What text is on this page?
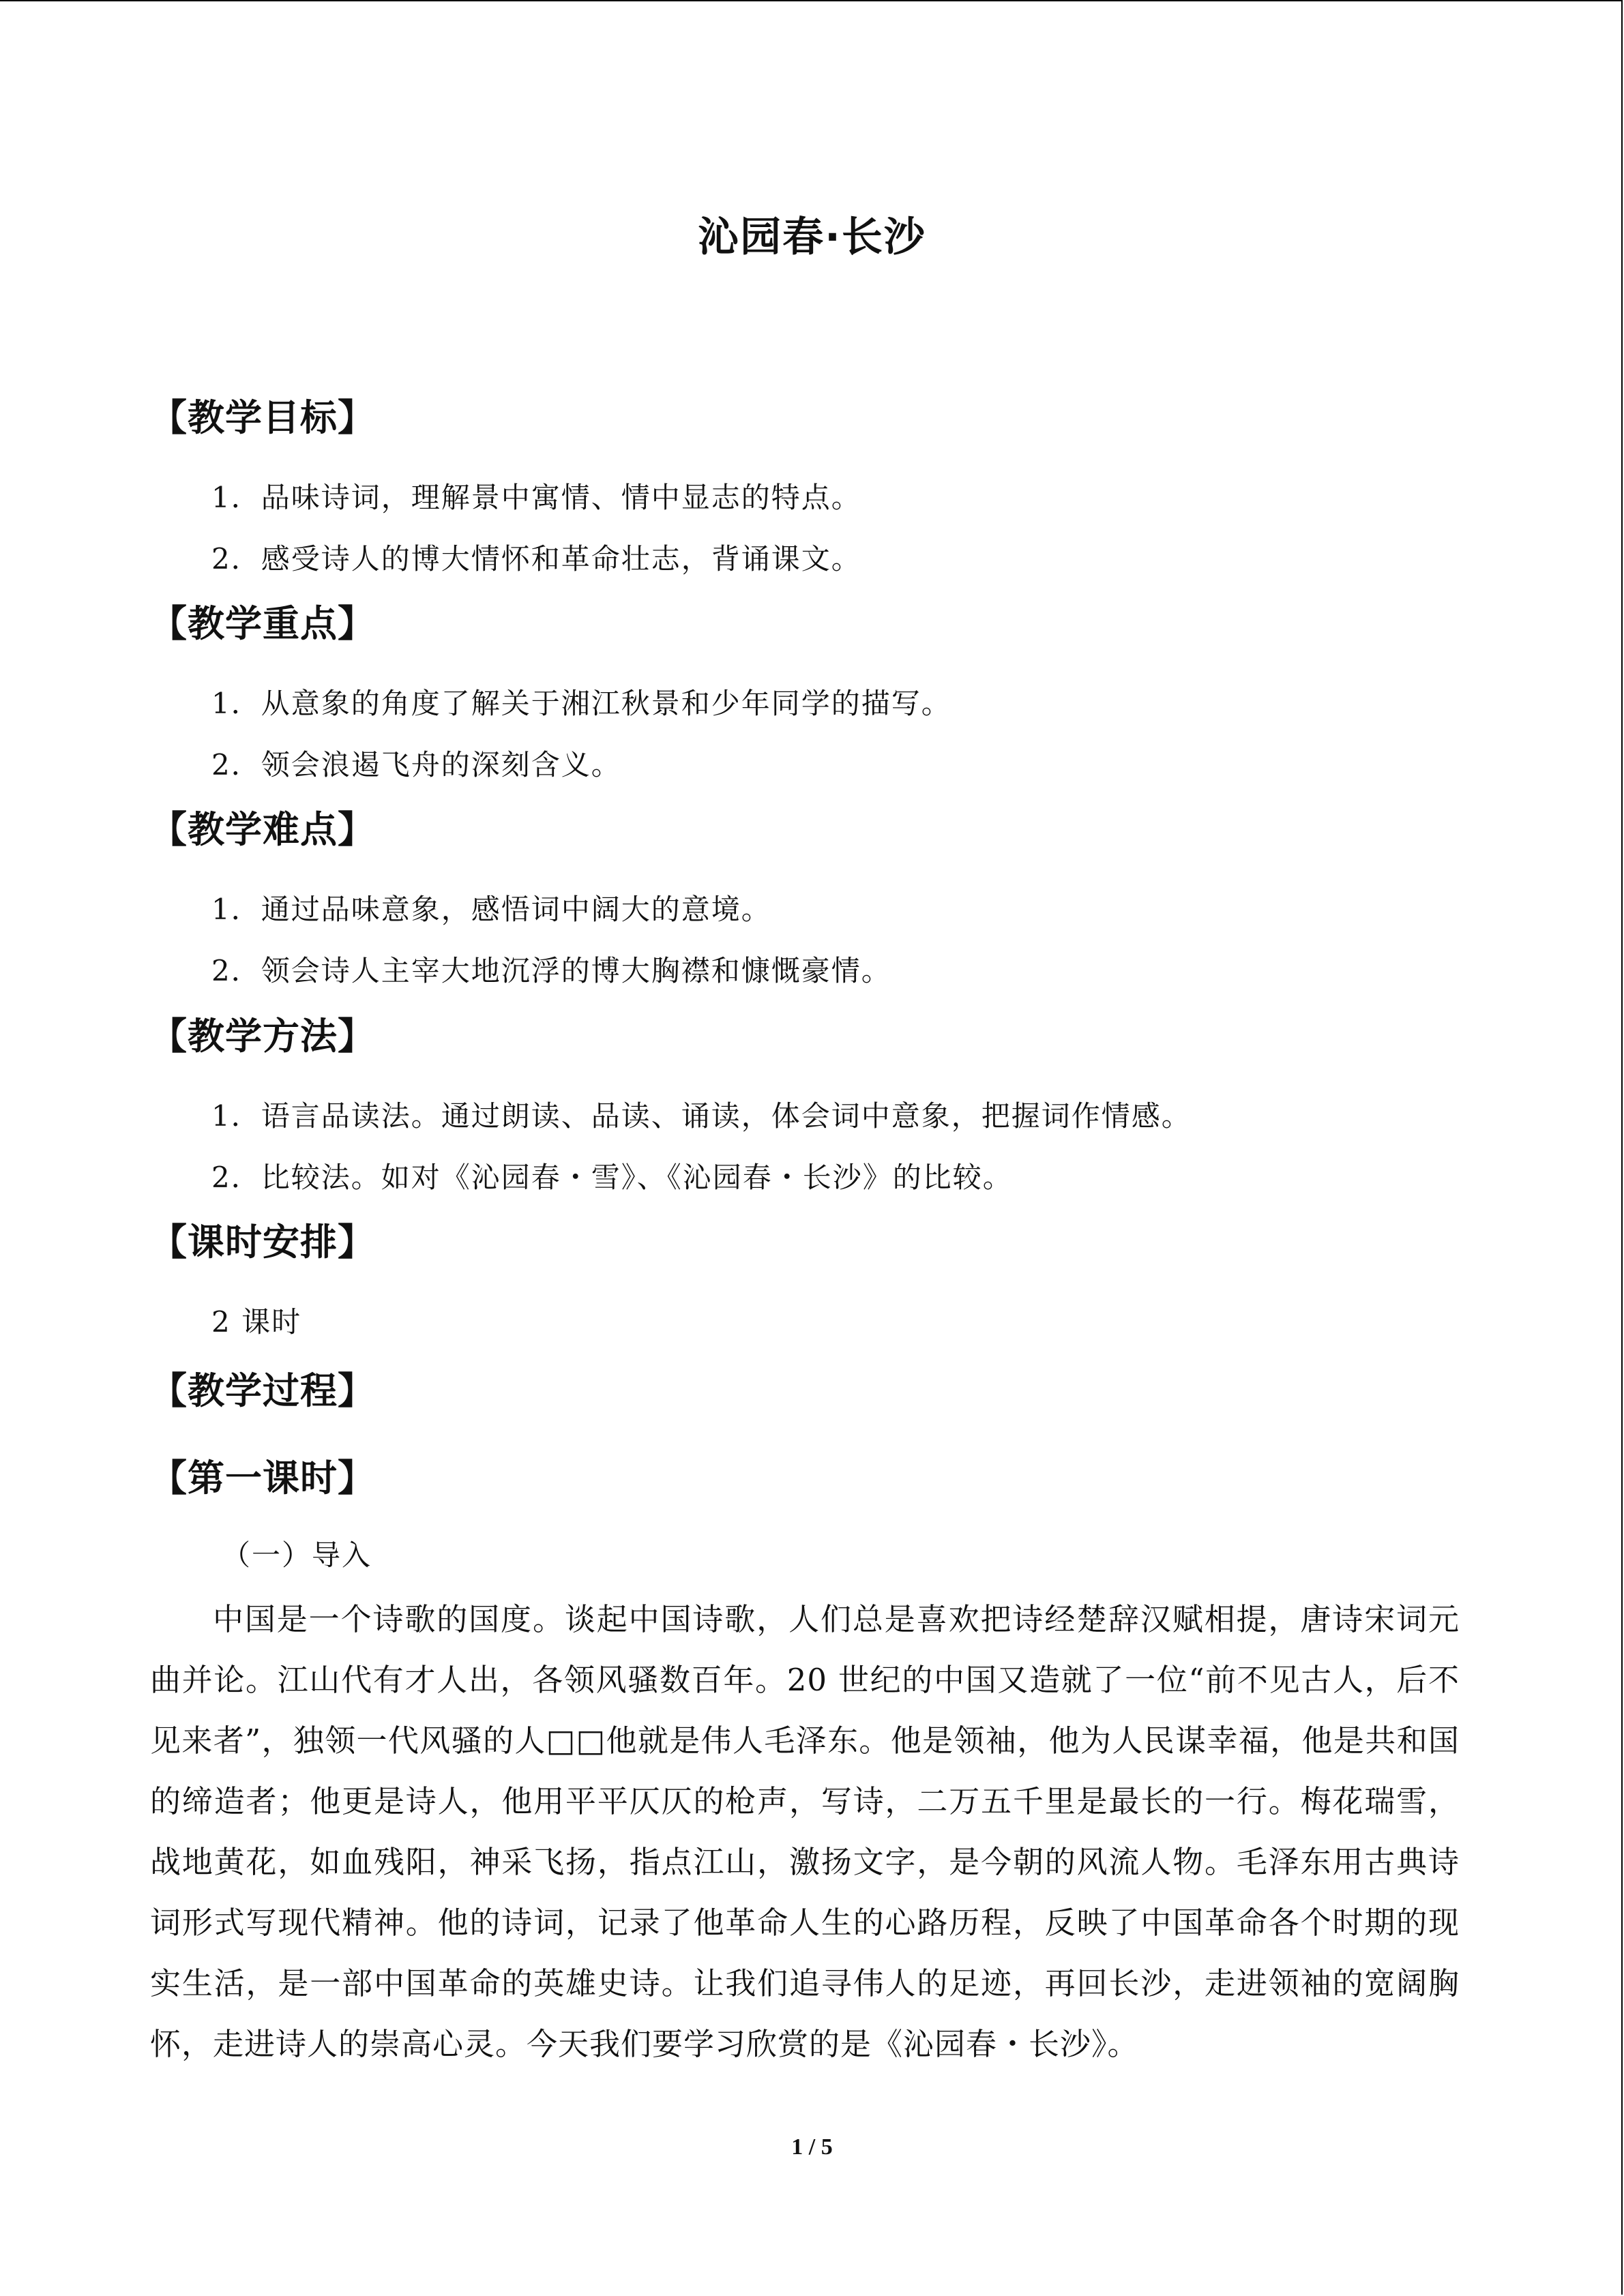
沁园春·长沙
【教学目标】
1．品味诗词，理解景中寓情、情中显志的特点。
2．感受诗人的博大情怀和革命壮志，背诵课文。
【教学重点】
1．从意象的角度了解关于湘江秋景和少年同学的描写。
2．领会浪遏飞舟的深刻含义。
【教学难点】
1．通过品味意象，感悟词中阔大的意境。
2．领会诗人主宰大地沉浮的博大胸襟和慷慨豪情。
【教学方法】
1．语言品读法。通过朗读、品读、诵读，体会词中意象，把握词作情感。
2．比较法。如对《沁园春・雪》、《沁园春・长沙》的比较。
【课时安排】
2 课时
【教学过程】
【第一课时】
（一）导入
中国是一个诗歌的国度。谈起中国诗歌，人们总是喜欢把诗经楚辞汉赋相提，唐诗宋词元曲并论。江山代有才人出，各领风骚数百年。20 世纪的中国又造就了一位“前不见古人，后不见来者”，独领一代风骚的人□□他就是伟人毛泽东。他是领袖，他为人民谋幸福，他是共和国的缔造者；他更是诗人，他用平平仄仄的枪声，写诗，二万五千里是最长的一行。梅花瑞雪，战地黄花，如血残阳，神采飞扬，指点江山，激扬文字，是今朝的风流人物。毛泽东用古典诗词形式写现代精神。他的诗词，记录了他革命人生的心路历程，反映了中国革命各个时期的现实生活，是一部中国革命的英雄史诗。让我们追寻伟人的足迹，再回长沙，走进领袖的宽阔胸怀，走进诗人的崇高心灵。今天我们要学习欣赏的是《沁园春・长沙》。
1 / 5
